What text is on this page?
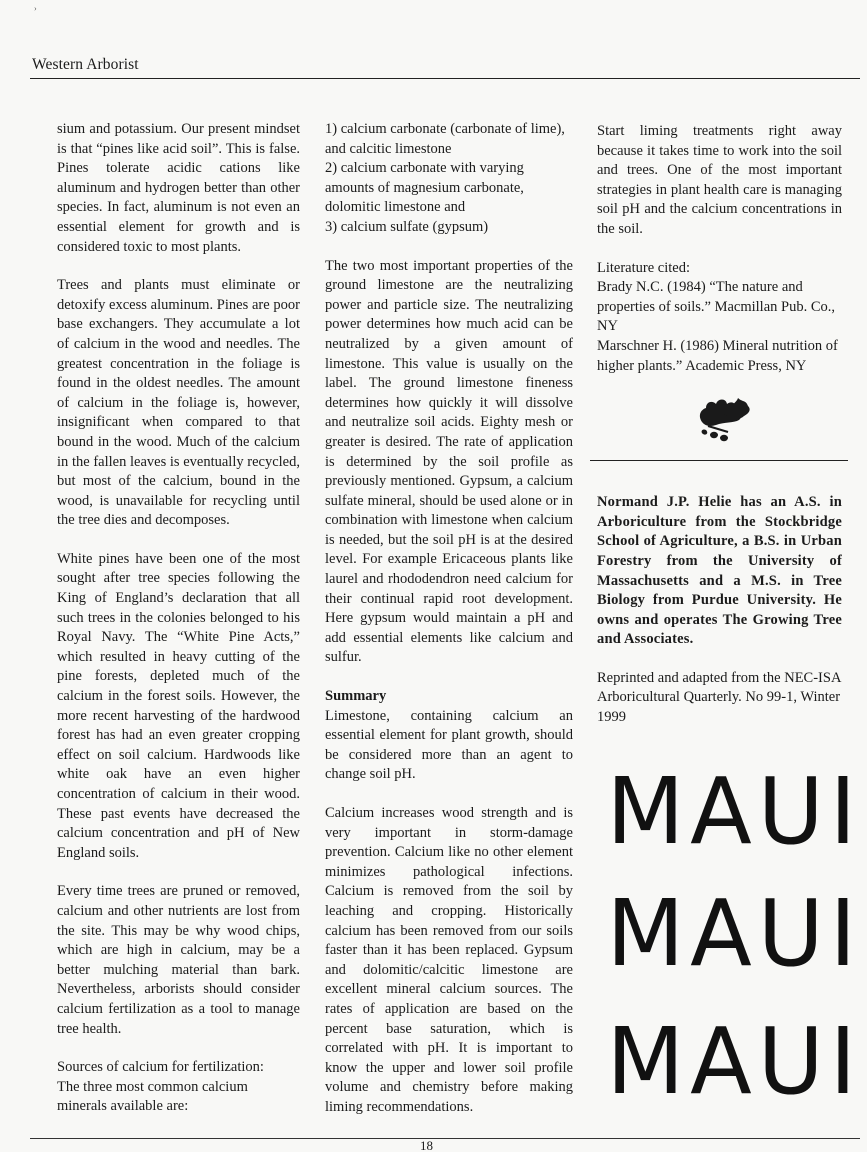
›
Western Arborist

sium and potassium. Our present mindset is that “pines like acid soil”. This is false. Pines tolerate acidic cations like aluminum and hydrogen better than other species. In fact, aluminum is not even an essential element for growth and is considered toxic to most plants.

Trees and plants must eliminate or detoxify excess aluminum. Pines are poor base exchangers. They accumulate a lot of calcium in the wood and needles. The greatest concentration in the foliage is found in the oldest needles. The amount of calcium in the foliage is, however, insignificant when compared to that bound in the wood. Much of the calcium in the fallen leaves is eventually recycled, but most of the calcium, bound in the wood, is unavailable for recycling until the tree dies and decomposes.

White pines have been one of the most sought after tree species following the King of England’s declaration that all such trees in the colonies belonged to his Royal Navy. The “White Pine Acts,” which resulted in heavy cutting of the pine forests, depleted much of the calcium in the forest soils. However, the more recent harvesting of the hardwood forest has had an even greater cropping effect on soil calcium. Hardwoods like white oak have an even higher concentration of calcium in their wood. These past events have decreased the calcium concentration and pH of New England soils.

Every time trees are pruned or removed, calcium and other nutrients are lost from the site. This may be why wood chips, which are high in calcium, may be a better mulching material than bark. Nevertheless, arborists should consider calcium fertilization as a tool to manage tree health.

Sources of calcium for fertilization:
The three most common calcium minerals available are:

1) calcium carbonate (carbonate of lime), and calcitic limestone
2) calcium carbonate with varying amounts of magnesium carbonate, dolomitic limestone and
3) calcium sulfate (gypsum)

The two most important properties of the ground limestone are the neutralizing power and particle size. The neutralizing power determines how much acid can be neutralized by a given amount of limestone. This value is usually on the label. The ground limestone fineness determines how quickly it will dissolve and neutralize soil acids. Eighty mesh or greater is desired. The rate of application is determined by the soil profile as previously mentioned. Gypsum, a calcium sulfate mineral, should be used alone or in combination with limestone when calcium is needed, but the soil pH is at the desired level. For example Ericaceous plants like laurel and rhododendron need calcium for their continual rapid root development. Here gypsum would maintain a pH and add essential elements like calcium and sulfur.

Summary
Limestone, containing calcium an essential element for plant growth, should be considered more than an agent to change soil pH.

Calcium increases wood strength and is very important in storm-damage prevention. Calcium like no other element minimizes pathological infections. Calcium is removed from the soil by leaching and cropping. Historically calcium has been removed from our soils faster than it has been replaced. Gypsum and dolomitic/calcitic limestone are excellent mineral calcium sources. The rates of application are based on the percent base saturation, which is correlated with pH. It is important to know the upper and lower soil profile volume and chemistry before making liming recommendations.

Start liming treatments right away because it takes time to work into the soil and trees. One of the most important strategies in plant health care is managing soil pH and the calcium concentrations in the soil.

Literature cited:
Brady N.C. (1984) “The nature and properties of soils.” Macmillan Pub. Co., NY
Marschner H. (1986) Mineral nutrition of higher plants.” Academic Press, NY

Normand J.P. Helie has an A.S. in Arboriculture from the Stockbridge School of Agriculture, a B.S. in Urban Forestry from the University of Massachusetts and a M.S. in Tree Biology from Purdue University. He owns and operates The Growing Tree and Associates.

Reprinted and adapted from the NEC-ISA Arboricultural Quarterly. No 99-1, Winter 1999

MAUI
MAUI
MAUI
18
